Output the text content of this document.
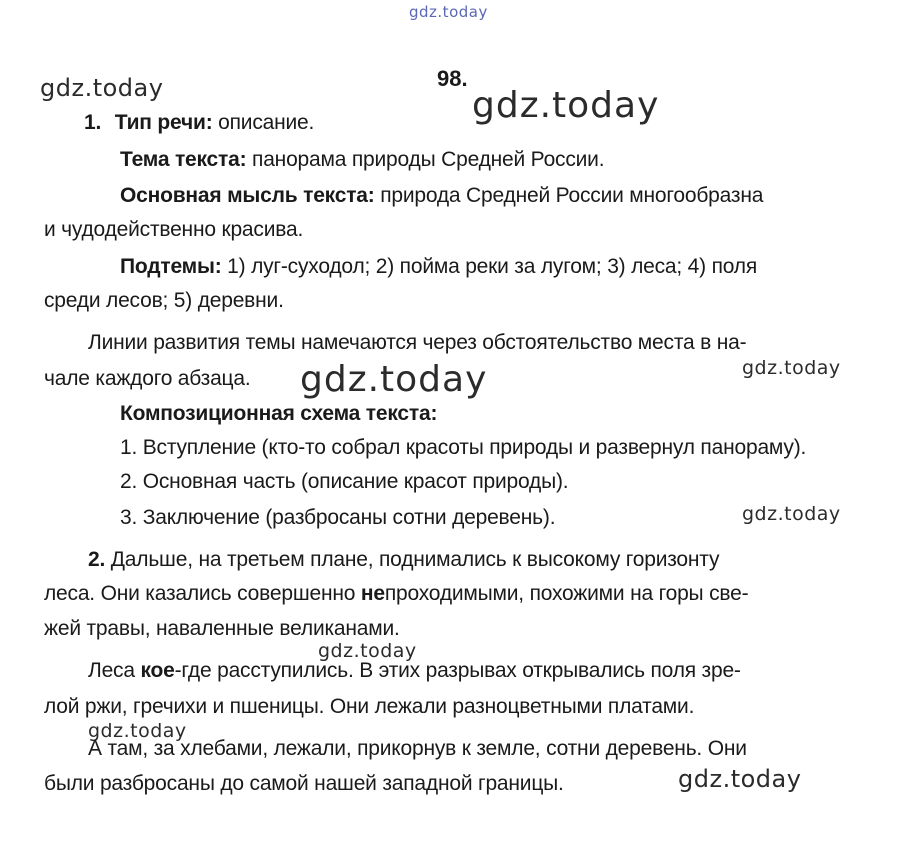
gdz.today
gdz.today	gdz.today
gdz.today	gdz.today
gdz.today
gdz.today
gdz.today
gdz.today
98.
1. Тип речи: описание.
Тема текста: панорама природы Средней России.
Основная мысль текста: природа Средней России многообразна
и чудодейственно красива.
Подтемы: 1) луг-суходол; 2) пойма реки за лугом; 3) леса; 4) поля
среди лесов; 5) деревни.
Линии развития темы намечаются через обстоятельство места в на-
чале каждого абзаца.
Композиционная схема текста:
1. Вступление (кто-то собрал красоты природы и развернул панораму).
2. Основная часть (описание красот природы).
3. Заключение (разбросаны сотни деревень).
2. Дальше, на третьем плане, поднимались к высокому горизонту
леса. Они казались совершенно непроходимыми, похожими на горы све-
жей травы, наваленные великанами.
Леса кое-где расступились. В этих разрывах открывались поля зре-
лой ржи, гречихи и пшеницы. Они лежали разноцветными платами.
А там, за хлебами, лежали, прикорнув к земле, сотни деревень. Они
были разбросаны до самой нашей западной границы.
